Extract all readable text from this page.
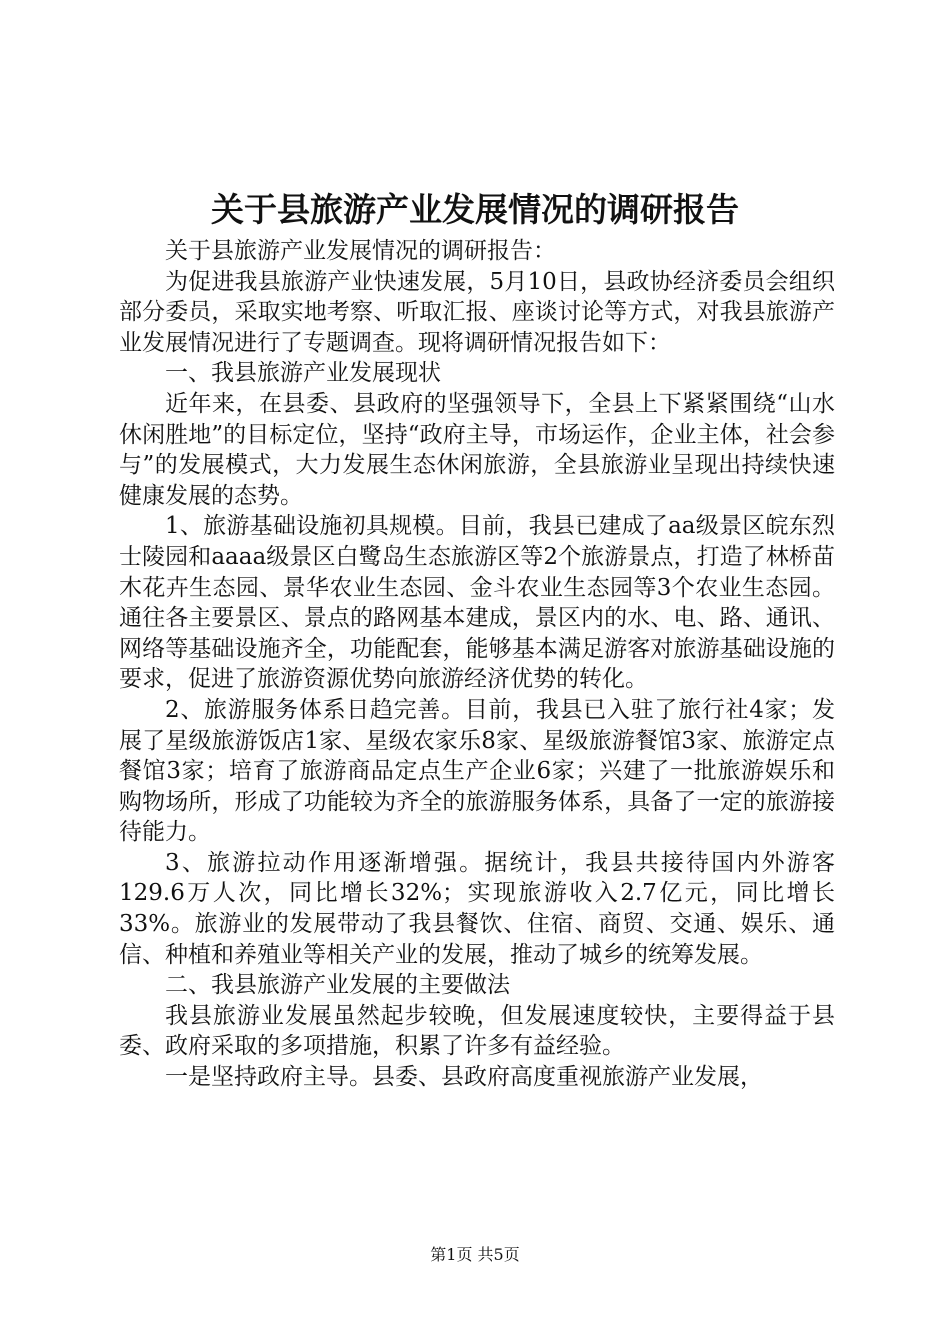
关于县旅游产业发展情况的调研报告

关于县旅游产业发展情况的调研报告：

为促进我县旅游产业快速发展，5月10日，县政协经济委员会组织部分委员，采取实地考察、听取汇报、座谈讨论等方式，对我县旅游产业发展情况进行了专题调查。现将调研情况报告如下：

一、我县旅游产业发展现状

近年来，在县委、县政府的坚强领导下，全县上下紧紧围绕“山水休闲胜地”的目标定位，坚持“政府主导，市场运作，企业主体，社会参与”的发展模式，大力发展生态休闲旅游，全县旅游业呈现出持续快速健康发展的态势。

1、旅游基础设施初具规模。目前，我县已建成了aa级景区皖东烈士陵园和aaaa级景区白鹭岛生态旅游区等2个旅游景点，打造了林桥苗木花卉生态园、景华农业生态园、金斗农业生态园等3个农业生态园。通往各主要景区、景点的路网基本建成，景区内的水、电、路、通讯、网络等基础设施齐全，功能配套，能够基本满足游客对旅游基础设施的要求，促进了旅游资源优势向旅游经济优势的转化。

2、旅游服务体系日趋完善。目前，我县已入驻了旅行社4家；发展了星级旅游饭店1家、星级农家乐8家、星级旅游餐馆3家、旅游定点餐馆3家；培育了旅游商品定点生产企业6家；兴建了一批旅游娱乐和购物场所，形成了功能较为齐全的旅游服务体系，具备了一定的旅游接待能力。

3、旅游拉动作用逐渐增强。据统计，我县共接待国内外游客129.6万人次，同比增长32%；实现旅游收入2.7亿元，同比增长33%。旅游业的发展带动了我县餐饮、住宿、商贸、交通、娱乐、通信、种植和养殖业等相关产业的发展，推动了城乡的统筹发展。

二、我县旅游产业发展的主要做法

我县旅游业发展虽然起步较晚，但发展速度较快，主要得益于县委、政府采取的多项措施，积累了许多有益经验。

一是坚持政府主导。县委、县政府高度重视旅游产业发展，

第1页 共5页
